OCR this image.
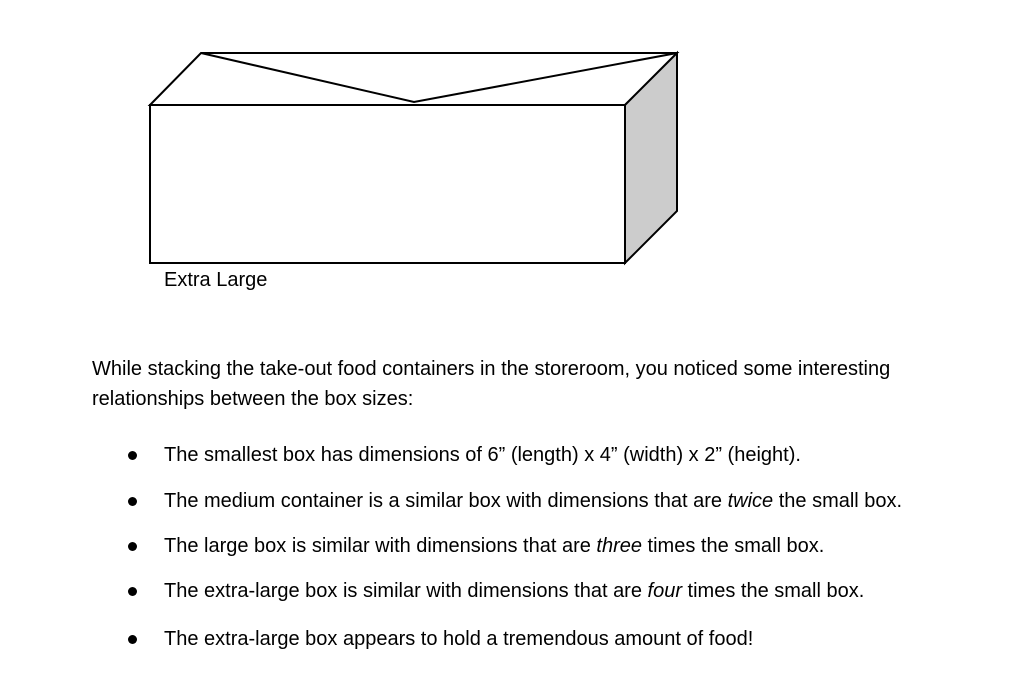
Extra Large

While stacking the take-out food containers in the storeroom, you noticed some interesting relationships between the box sizes:

The smallest box has dimensions of 6” (length) x 4” (width) x 2” (height).
The medium container is a similar box with dimensions that are twice the small box.
The large box is similar with dimensions that are three times the small box.
The extra-large box is similar with dimensions that are four times the small box.
The extra-large box appears to hold a tremendous amount of food!
